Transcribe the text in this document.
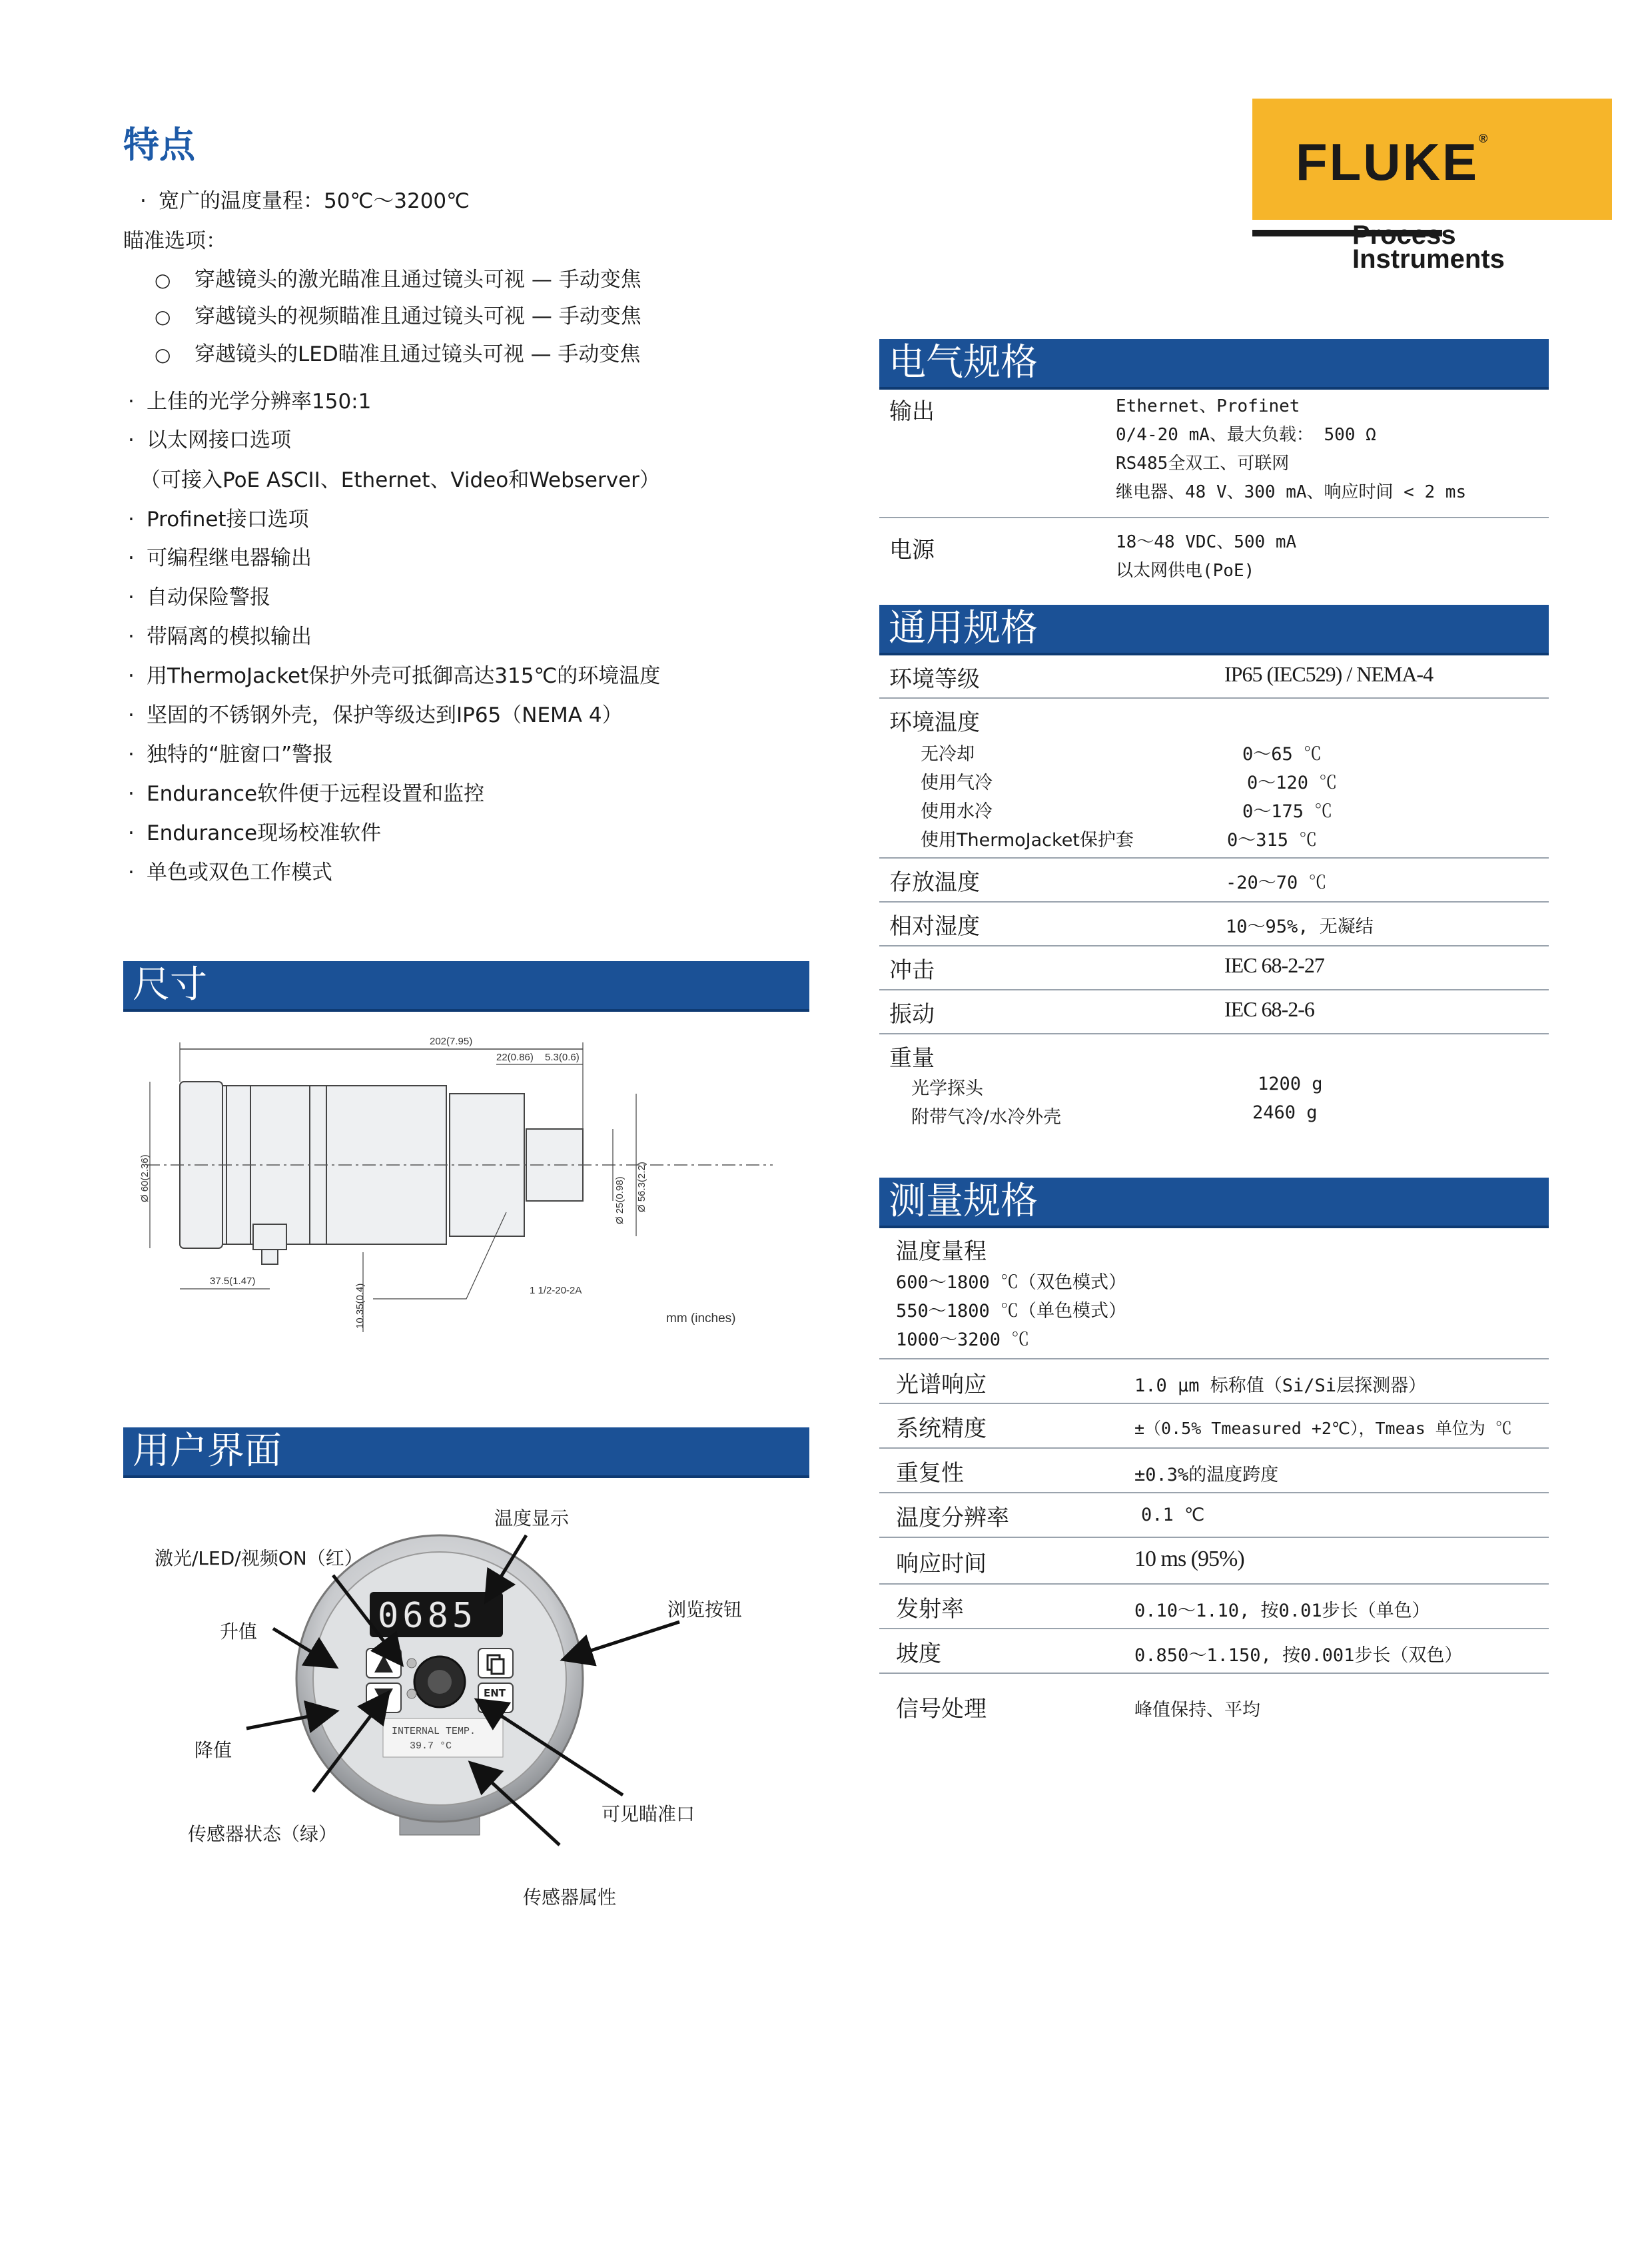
FLUKE®
Process
Instruments
特点
· 宽广的温度量程：50℃～3200℃
瞄准选项：
○ 穿越镜头的激光瞄准且通过镜头可视 — 手动变焦
○ 穿越镜头的视频瞄准且通过镜头可视 — 手动变焦
○ 穿越镜头的LED瞄准且通过镜头可视 — 手动变焦
· 上佳的光学分辨率150:1
· 以太网接口选项
（可接入PoE ASCII、Ethernet、Video和Webserver）
· Profinet接口选项
· 可编程继电器输出
· 自动保险警报
· 带隔离的模拟输出
· 用ThermoJacket保护外壳可抵御高达315℃的环境温度
· 坚固的不锈钢外壳，保护等级达到IP65（NEMA 4）
· 独特的“脏窗口”警报
· Endurance软件便于远程设置和监控
· Endurance现场校准软件
· 单色或双色工作模式
尺寸
202(7.95)
22(0.86) 5.3(0.6)
Ø 60(2.36)	Ø 25(0.98) Ø 56.3(2.2)
37.5(1.47)
10.35(0.4)	1 1/2-20-2A
mm (inches)
用户界面
0685
ENT
↵
INTERNAL TEMP.
39.7 °C
温度显示
激光/LED/视频ON（红）
浏览按钮
升值
降值
传感器状态（绿）
可见瞄准口
传感器属性
电气规格
输出	Ethernet、Profinet
0/4-20 mA、最大负载： 500 Ω
RS485全双工、可联网
继电器、48 V、300 mA、响应时间 < 2 ms
电源	18～48 VDC、500 mA
以太网供电(PoE)
通用规格
环境等级	IP65 (IEC529) / NEMA-4
环境温度
无冷却	0～65 ℃
使用气冷	0～120 ℃
使用水冷	0～175 ℃
使用ThermoJacket保护套	0～315 ℃
存放温度	-20～70 ℃
相对湿度	10～95%, 无凝结
冲击	IEC 68-2-27
振动	IEC 68-2-6
重量
光学探头	1200 g
附带气冷/水冷外壳	2460 g
测量规格
温度量程
600～1800 ℃（双色模式）
550～1800 ℃（单色模式）
1000～3200 ℃
光谱响应	1.0 μm 标称值（Si/Si层探测器）
系统精度	±（0.5% Tmeasured +2℃），Tmeas 单位为 ℃
重复性	±0.3%的温度跨度
温度分辨率	0.1 ℃
响应时间	10 ms (95%)
发射率	0.10～1.10, 按0.01步长（单色）
坡度	0.850～1.150, 按0.001步长（双色）
信号处理	峰值保持、平均
